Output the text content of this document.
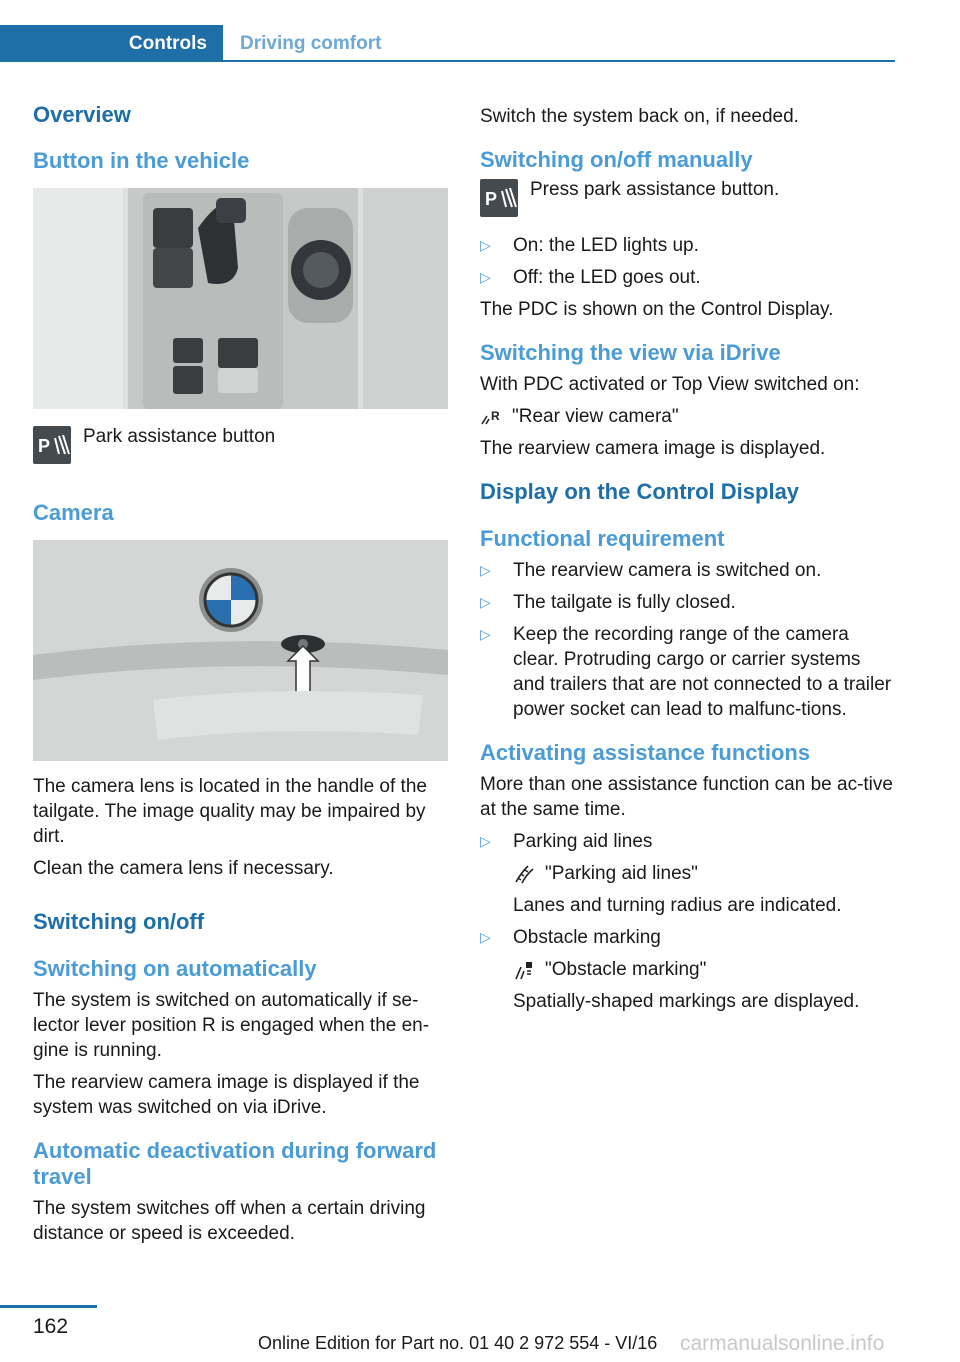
Controls	Driving comfort
Overview
Button in the vehicle
P Park assistance button
Camera

The camera lens is located in the handle of the tailgate. The image quality may be impaired by dirt.

Clean the camera lens if necessary.

Switching on/off
Switching on automatically

The system is switched on automatically if se‐lector lever position R is engaged when the en‐gine is running.

The rearview camera image is displayed if the system was switched on via iDrive.

Automatic deactivation during forward travel

The system switches off when a certain driving distance or speed is exceeded.

Switch the system back on, if needed.

Switching on/off manually
P Press park assistance button.
▷ On: the LED lights up.
▷ Off: the LED goes out.

The PDC is shown on the Control Display.

Switching the view via iDrive

With PDC activated or Top View switched on:

R "Rear view camera"

The rearview camera image is displayed.

Display on the Control Display
Functional requirement
▷ The rearview camera is switched on.
▷ The tailgate is fully closed.
▷ Keep the recording range of the camera clear. Protruding cargo or carrier systems and trailers that are not connected to a trailer power socket can lead to malfunc‐tions.
Activating assistance functions

More than one assistance function can be ac‐tive at the same time.

▷ Parking aid lines
"Parking aid lines"
Lanes and turning radius are indicated.
▷ Obstacle marking
"Obstacle marking"
Spatially-shaped markings are displayed.
162
Online Edition for Part no. 01 40 2 972 554 - VI/16 carmanualsonline.info
